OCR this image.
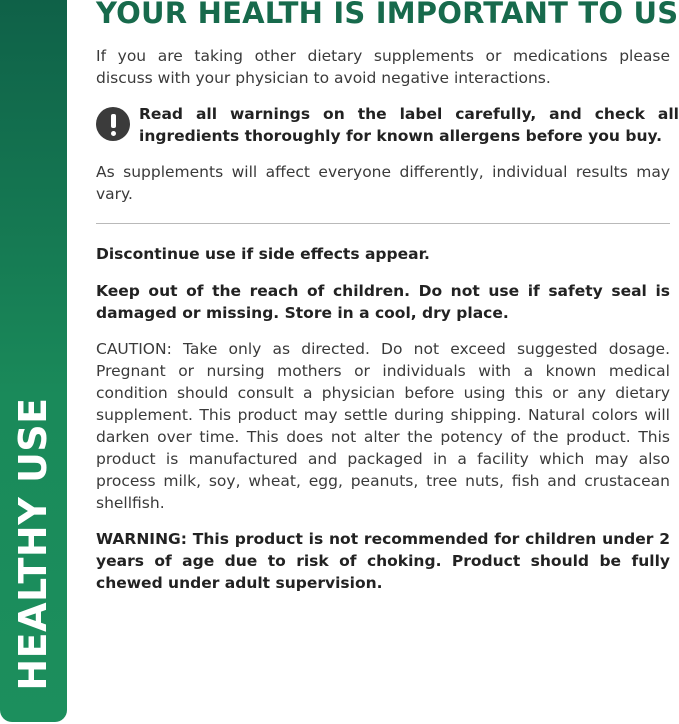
HEALTHY USE
YOUR HEALTH IS IMPORTANT TO US

If you are taking other dietary supplements or medications please discuss with your physician to avoid negative interactions.

Read all warnings on the label carefully, and check all ingredients thoroughly for known allergens before you buy.

As supplements will affect everyone differently, individual results may vary.

Discontinue use if side effects appear.

Keep out of the reach of children. Do not use if safety seal is damaged or missing. Store in a cool, dry place.

CAUTION: Take only as directed. Do not exceed suggested dosage. Pregnant or nursing mothers or individuals with a known medical condition should consult a physician before using this or any dietary supplement. This product may settle during shipping. Natural colors will darken over time. This does not alter the potency of the product. This product is manufactured and packaged in a facility which may also process milk, soy, wheat, egg, peanuts, tree nuts, fish and crustacean shellfish.

WARNING: This product is not recommended for children under 2 years of age due to risk of choking. Product should be fully chewed under adult supervision.
